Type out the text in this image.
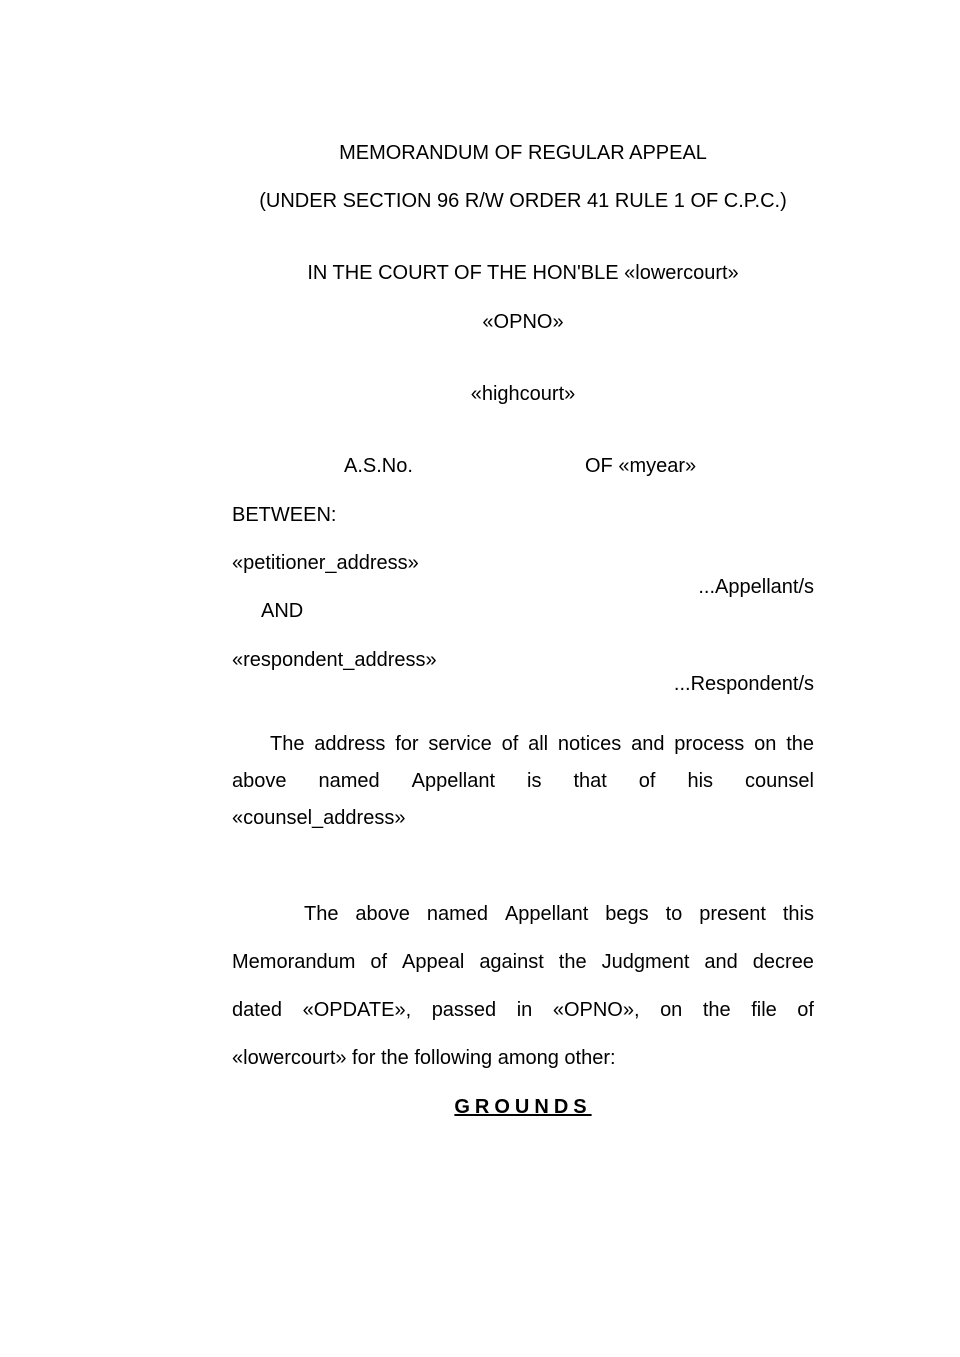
MEMORANDUM OF REGULAR APPEAL
(UNDER SECTION 96 R/W ORDER 41 RULE 1 OF C.P.C.)
IN THE COURT OF THE HON'BLE «lowercourt»
«OPNO»
«highcourt»
A.S.No.	OF «myear»
BETWEEN:
«petitioner_address»
...Appellant/s
AND
«respondent_address»
...Respondent/s
The address for service of all notices and process on the
above named Appellant is that of his counsel
«counsel_address»
The above named Appellant begs to present this
Memorandum of Appeal against the Judgment and decree
dated «OPDATE», passed in «OPNO», on the file of
«lowercourt» for the following among other:
GROUNDS
